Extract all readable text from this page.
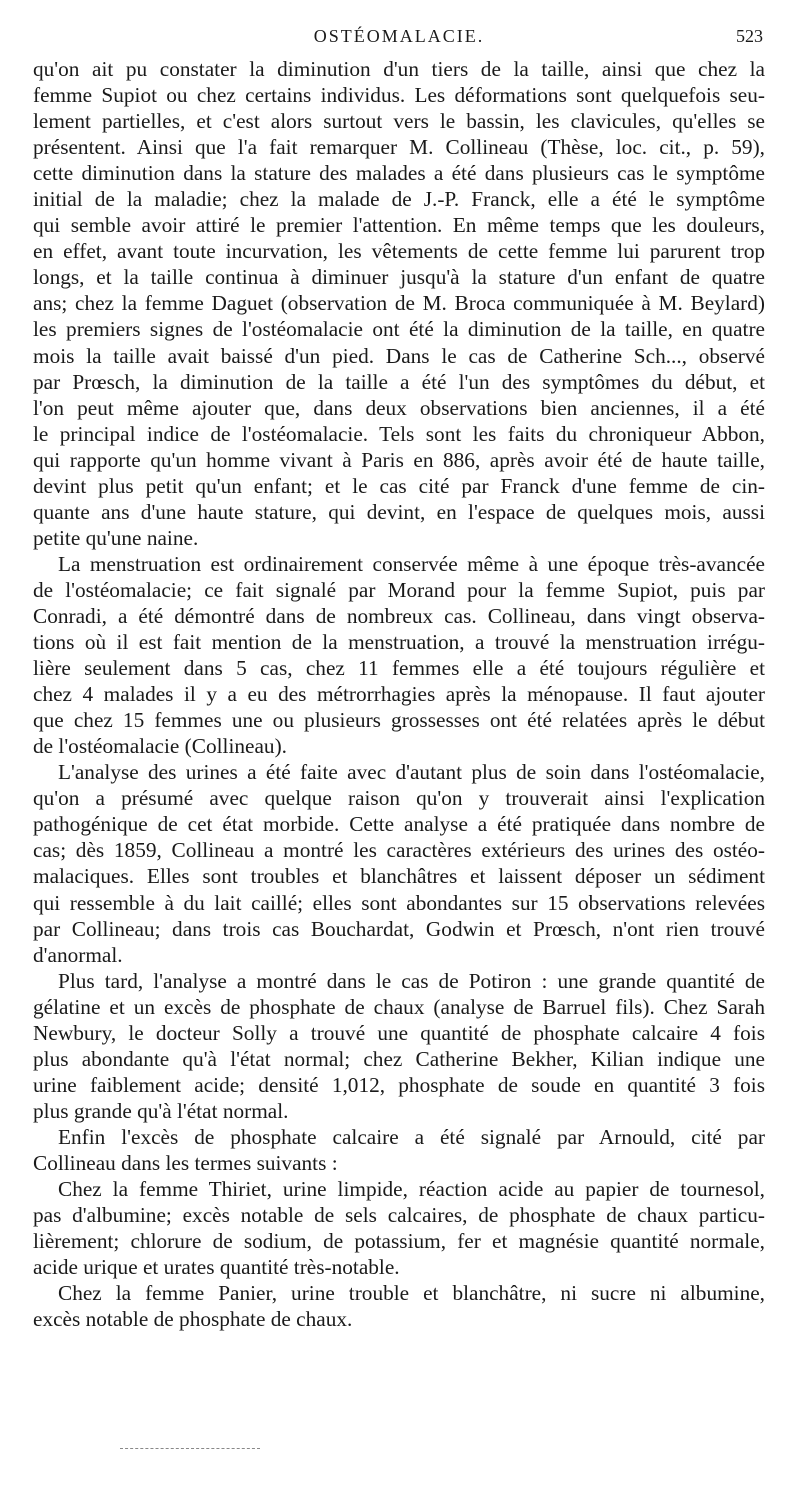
OSTÉOMALACIE.	523

qu'on ait pu constater la diminution d'un tiers de la taille, ainsi que chez la
femme Supiot ou chez certains individus. Les déformations sont quelquefois seu-
lement partielles, et c'est alors surtout vers le bassin, les clavicules, qu'elles se
présentent. Ainsi que l'a fait remarquer M. Collineau (Thèse, loc. cit., p. 59),
cette diminution dans la stature des malades a été dans plusieurs cas le symptôme
initial de la maladie; chez la malade de J.-P. Franck, elle a été le symptôme
qui semble avoir attiré le premier l'attention. En même temps que les douleurs,
en effet, avant toute incurvation, les vêtements de cette femme lui parurent trop
longs, et la taille continua à diminuer jusqu'à la stature d'un enfant de quatre
ans; chez la femme Daguet (observation de M. Broca communiquée à M. Beylard)
les premiers signes de l'ostéomalacie ont été la diminution de la taille, en quatre
mois la taille avait baissé d'un pied. Dans le cas de Catherine Sch..., observé
par Prœsch, la diminution de la taille a été l'un des symptômes du début, et
l'on peut même ajouter que, dans deux observations bien anciennes, il a été
le principal indice de l'ostéomalacie. Tels sont les faits du chroniqueur Abbon,
qui rapporte qu'un homme vivant à Paris en 886, après avoir été de haute taille,
devint plus petit qu'un enfant; et le cas cité par Franck d'une femme de cin-
quante ans d'une haute stature, qui devint, en l'espace de quelques mois, aussi
petite qu'une naine.

La menstruation est ordinairement conservée même à une époque très-avancée
de l'ostéomalacie; ce fait signalé par Morand pour la femme Supiot, puis par
Conradi, a été démontré dans de nombreux cas. Collineau, dans vingt observa-
tions où il est fait mention de la menstruation, a trouvé la menstruation irrégu-
lière seulement dans 5 cas, chez 11 femmes elle a été toujours régulière et
chez 4 malades il y a eu des métrorrhagies après la ménopause. Il faut ajouter
que chez 15 femmes une ou plusieurs grossesses ont été relatées après le début
de l'ostéomalacie (Collineau).

L'analyse des urines a été faite avec d'autant plus de soin dans l'ostéomalacie,
qu'on a présumé avec quelque raison qu'on y trouverait ainsi l'explication
pathogénique de cet état morbide. Cette analyse a été pratiquée dans nombre de
cas; dès 1859, Collineau a montré les caractères extérieurs des urines des ostéo-
malaciques. Elles sont troubles et blanchâtres et laissent déposer un sédiment
qui ressemble à du lait caillé; elles sont abondantes sur 15 observations relevées
par Collineau; dans trois cas Bouchardat, Godwin et Prœsch, n'ont rien trouvé
d'anormal.

Plus tard, l'analyse a montré dans le cas de Potiron : une grande quantité de
gélatine et un excès de phosphate de chaux (analyse de Barruel fils). Chez Sarah
Newbury, le docteur Solly a trouvé une quantité de phosphate calcaire 4 fois
plus abondante qu'à l'état normal; chez Catherine Bekher, Kilian indique une
urine faiblement acide; densité 1,012, phosphate de soude en quantité 3 fois
plus grande qu'à l'état normal.

Enfin l'excès de phosphate calcaire a été signalé par Arnould, cité par
Collineau dans les termes suivants :

Chez la femme Thiriet, urine limpide, réaction acide au papier de tournesol,
pas d'albumine; excès notable de sels calcaires, de phosphate de chaux particu-
lièrement; chlorure de sodium, de potassium, fer et magnésie quantité normale,
acide urique et urates quantité très-notable.

Chez la femme Panier, urine trouble et blanchâtre, ni sucre ni albumine,
excès notable de phosphate de chaux.
